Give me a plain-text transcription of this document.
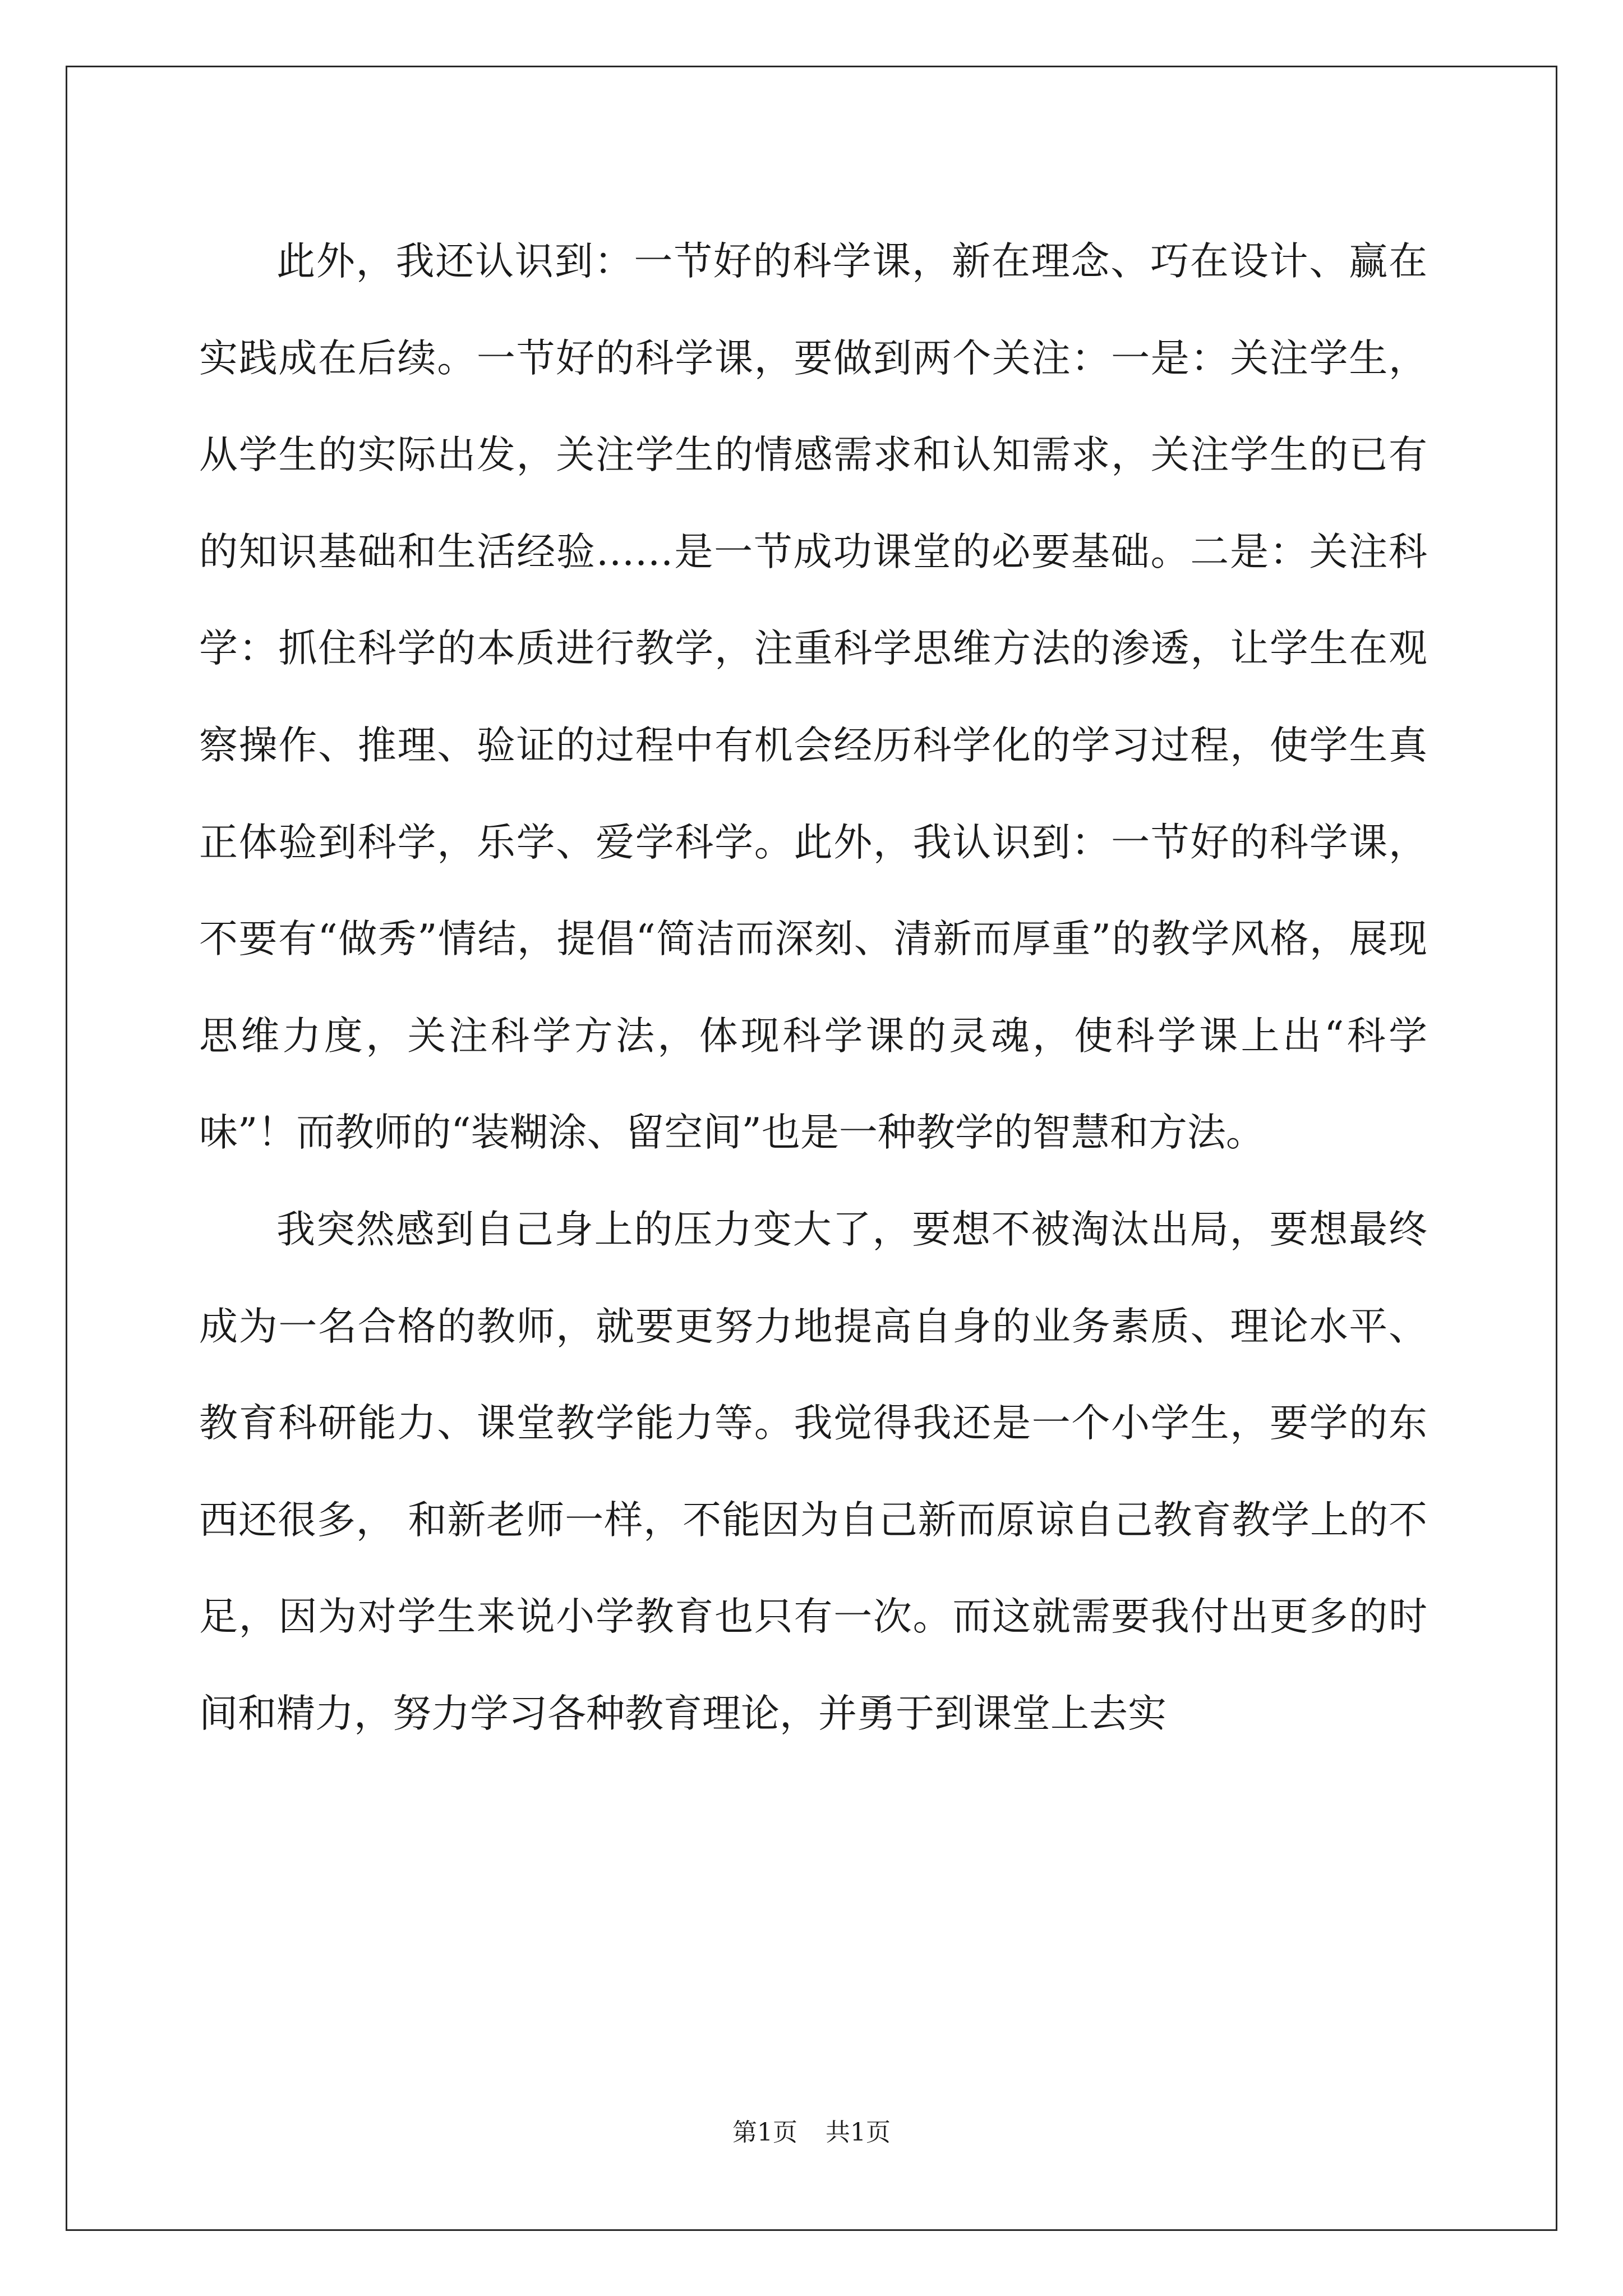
此外，我还认识到：一节好的科学课，新在理念、巧在设计、赢在实践成在后续。一节好的科学课，要做到两个关注：一是：关注学生，从学生的实际出发，关注学生的情感需求和认知需求，关注学生的已有的知识基础和生活经验……是一节成功课堂的必要基础。二是：关注科学：抓住科学的本质进行教学，注重科学思维方法的渗透，让学生在观察操作、推理、验证的过程中有机会经历科学化的学习过程，使学生真正体验到科学，乐学、爱学科学。此外，我认识到：一节好的科学课，不要有“做秀”情结，提倡“简洁而深刻、清新而厚重”的教学风格，展现思维力度，关注科学方法，体现科学课的灵魂，使科学课上出“科学味”！而教师的“装糊涂、留空间”也是一种教学的智慧和方法。

我突然感到自己身上的压力变大了，要想不被淘汰出局，要想最终成为一名合格的教师，就要更努力地提高自身的业务素质、理论水平、教育科研能力、课堂教学能力等。我觉得我还是一个小学生，要学的东西还很多， 和新老师一样，不能因为自己新而原谅自己教育教学上的不足，因为对学生来说小学教育也只有一次。而这就需要我付出更多的时间和精力，努力学习各种教育理论，并勇于到课堂上去实

第1页 共1页
